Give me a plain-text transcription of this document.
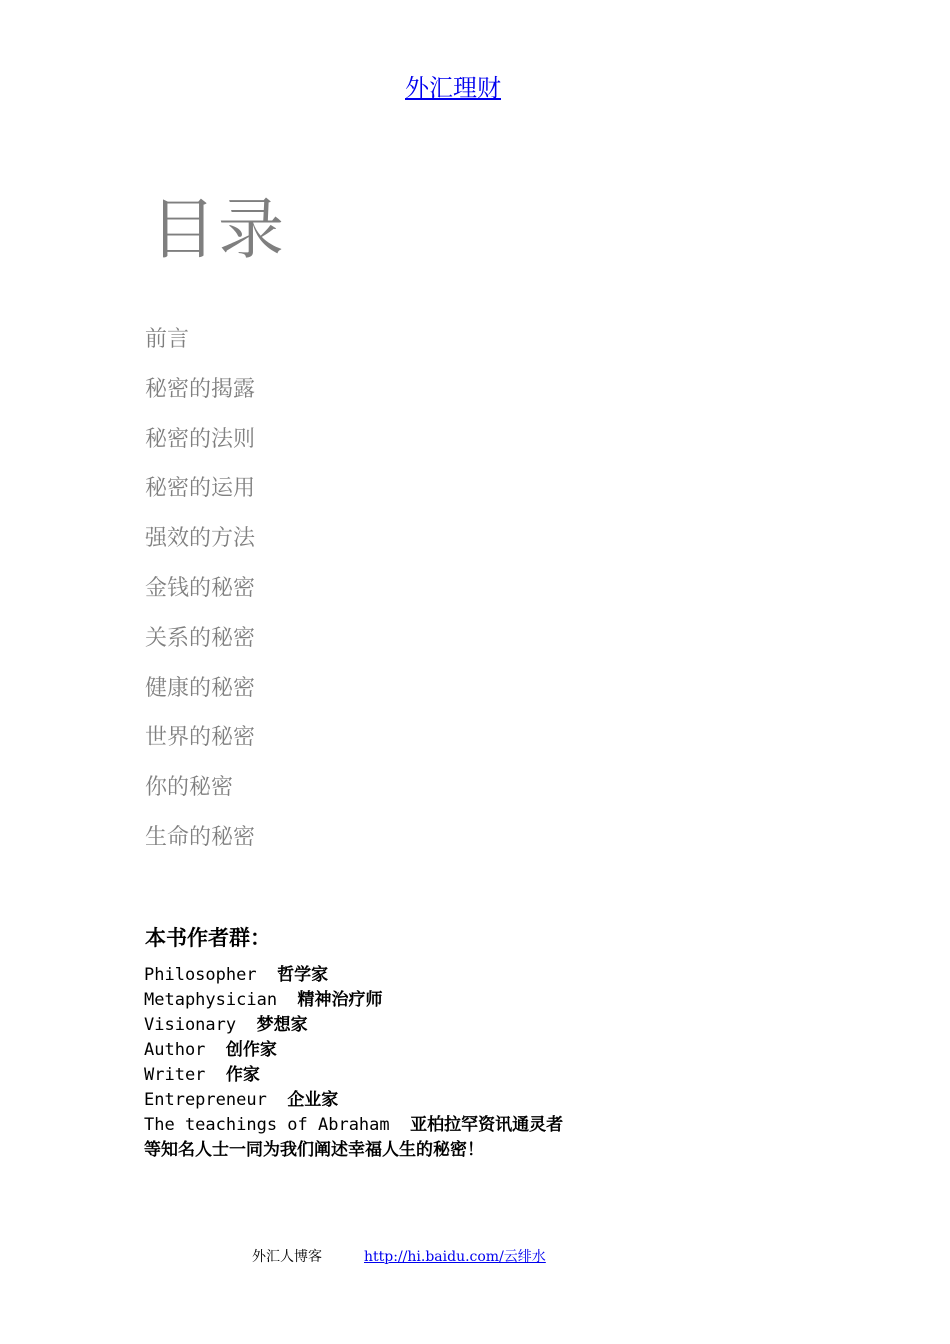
外汇理财
目录
前言
秘密的揭露
秘密的法则
秘密的运用
强效的方法
金钱的秘密
关系的秘密
健康的秘密
世界的秘密
你的秘密
生命的秘密
本书作者群：
Philosopher 哲学家
Metaphysician 精神治疗师
Visionary 梦想家
Author 创作家
Writer 作家
Entrepreneur 企业家
The teachings of Abraham 亚柏拉罕资讯通灵者
等知名人士一同为我们阐述幸福人生的秘密！
外汇人博客	http://hi.baidu.com/云绯水
